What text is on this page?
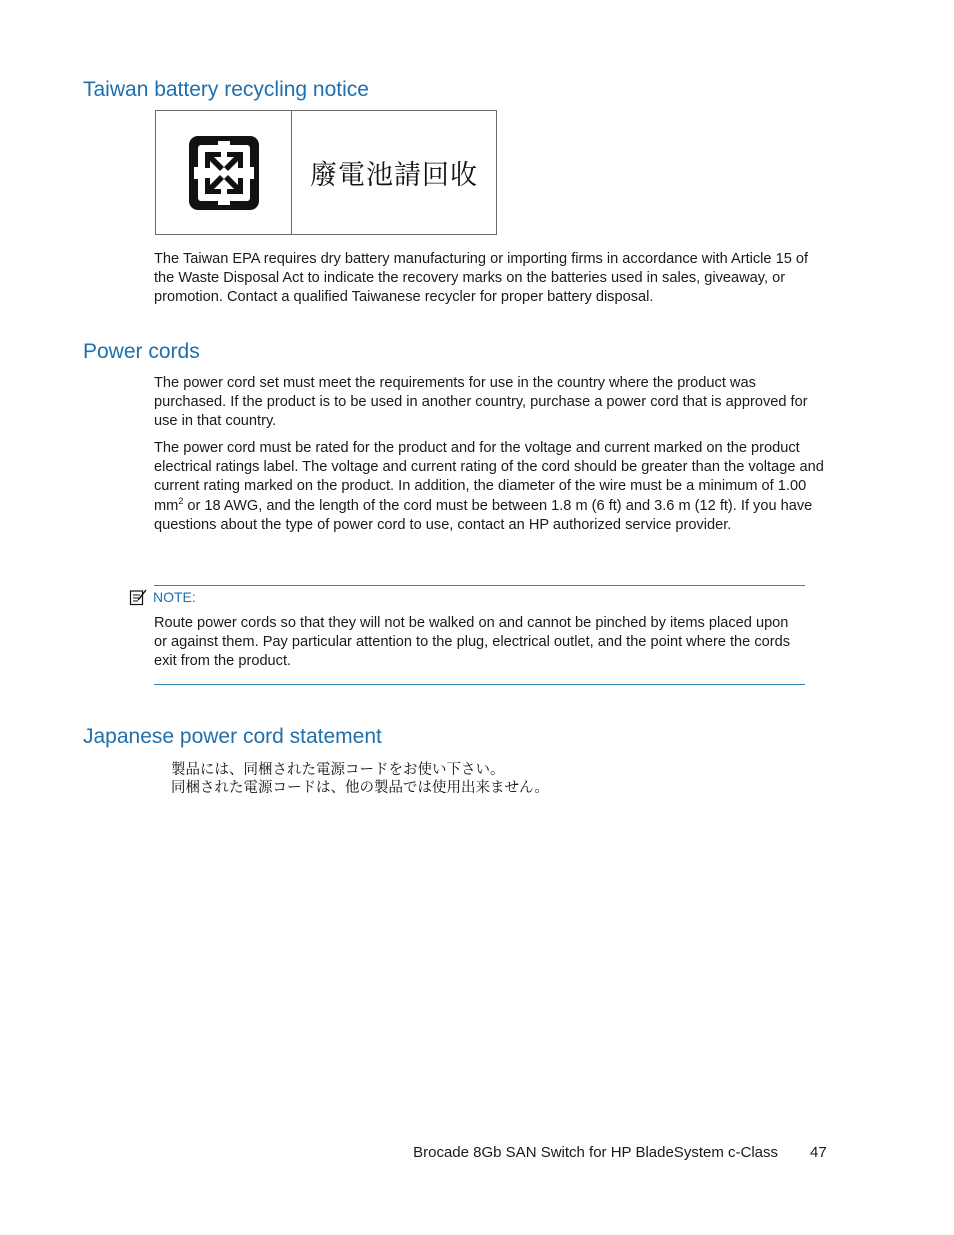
Taiwan battery recycling notice
廢電池請回收

The Taiwan EPA requires dry battery manufacturing or importing firms in accordance with Article 15 of the Waste Disposal Act to indicate the recovery marks on the batteries used in sales, giveaway, or promotion. Contact a qualified Taiwanese recycler for proper battery disposal.

Power cords

The power cord set must meet the requirements for use in the country where the product was purchased. If the product is to be used in another country, purchase a power cord that is approved for use in that country.

The power cord must be rated for the product and for the voltage and current marked on the product electrical ratings label. The voltage and current rating of the cord should be greater than the voltage and current rating marked on the product. In addition, the diameter of the wire must be a minimum of 1.00 $mm^2$ or 18 AWG, and the length of the cord must be between 1.8 m (6 ft) and 3.6 m (12 ft). If you have questions about the type of power cord to use, contact an HP authorized service provider.

NOTE:

Route power cords so that they will not be walked on and cannot be pinched by items placed upon or against them. Pay particular attention to the plug, electrical outlet, and the point where the cords exit from the product.

Japanese power cord statement
製品には、同梱された電源コードをお使い下さい。
同梱された電源コードは、他の製品では使用出来ません。
Brocade 8Gb SAN Switch for HP BladeSystem c-Class 47
